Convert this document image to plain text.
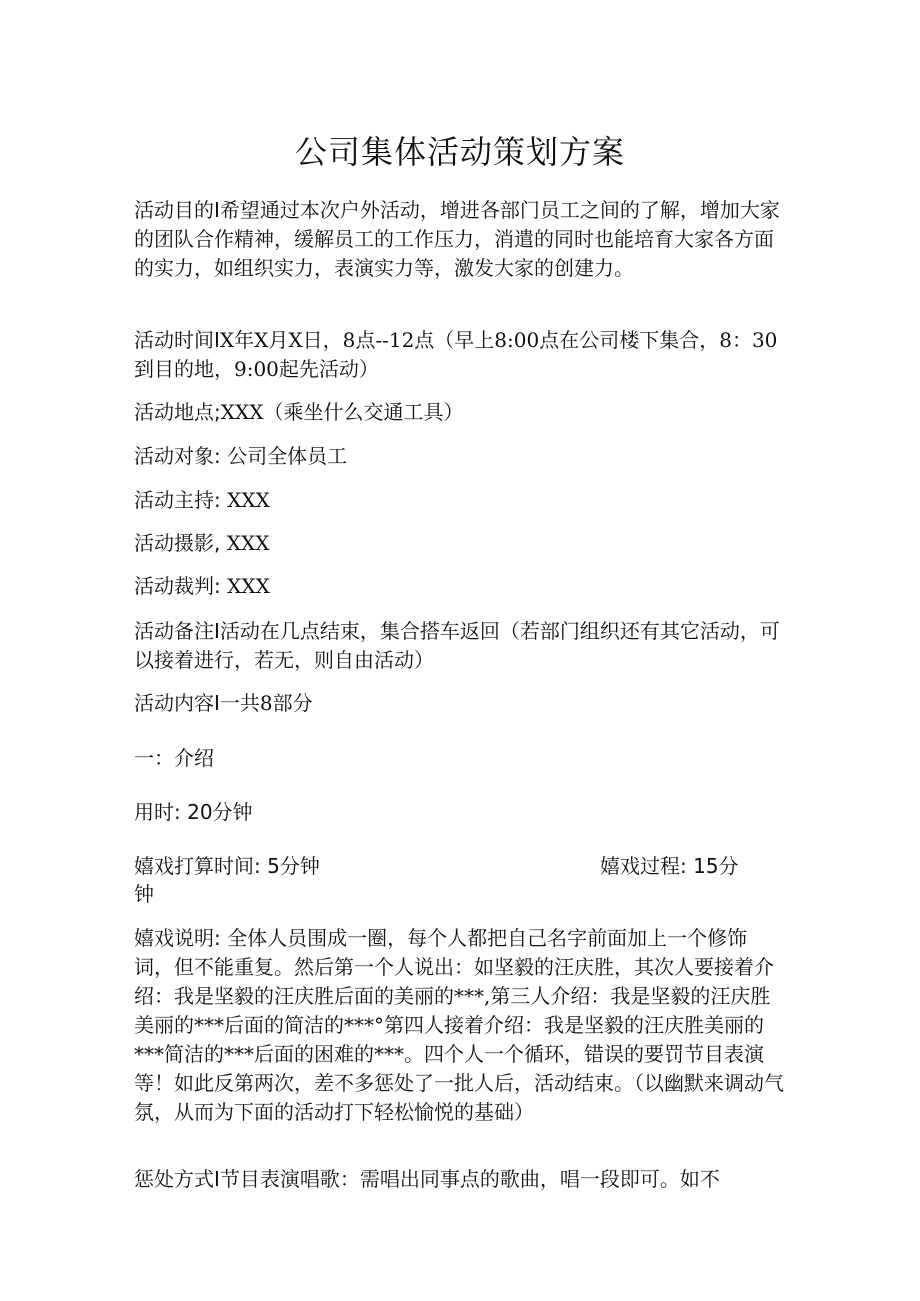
公司集体活动策划方案

活动目的I希望通过本次户外活动，增进各部门员工之间的了解，增加大家的团队合作精神，缓解员工的工作压力，消遣的同时也能培育大家各方面的实力，如组织实力，表演实力等，激发大家的创建力。

活动时间IX年X月X日，8点--12点（早上8:00点在公司楼下集合，8：30到目的地，9:00起先活动）

活动地点;XXX（乘坐什么交通工具）

活动对象: 公司全体员工

活动主持: XXX

活动摄影, XXX

活动裁判: XXX

活动备注I活动在几点结束，集合搭车返回（若部门组织还有其它活动，可以接着进行，若无，则自由活动）

活动内容I一共8部分

一：介绍
用时: 20分钟
嬉戏打算时间: 5分钟	嬉戏过程: 15分
钟

嬉戏说明: 全体人员围成一圈，每个人都把自己名字前面加上一个修饰词，但不能重复。然后第一个人说出：如坚毅的汪庆胜，其次人要接着介绍：我是坚毅的汪庆胜后面的美丽的***,第三人介绍：我是坚毅的汪庆胜美丽的***后面的简洁的***°第四人接着介绍：我是坚毅的汪庆胜美丽的***简洁的***后面的困难的***。四个人一个循环，错误的要罚节目表演等！如此反第两次，差不多惩处了一批人后，活动结束。（以幽默来调动气氛，从而为下面的活动打下轻松愉悦的基础）

惩处方式I节目表演唱歌：需唱出同事点的歌曲，唱一段即可。如不
